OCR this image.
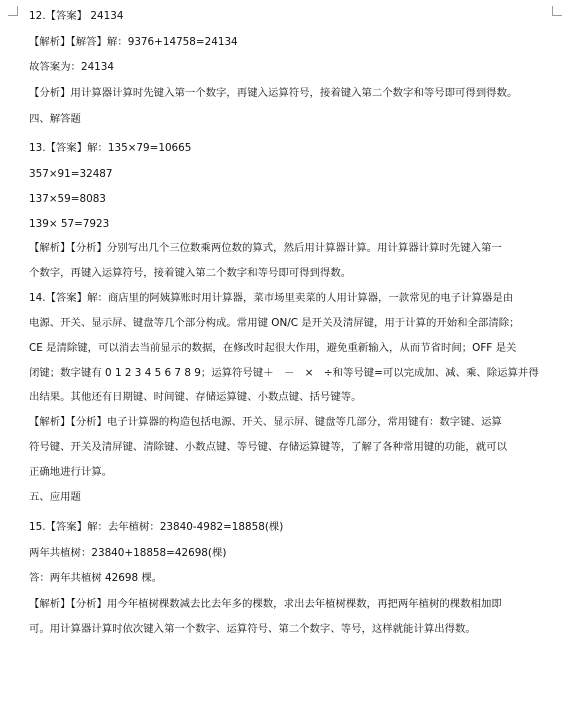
12.【答案】 24134
【解析】【解答】解：9376+14758=24134
故答案为：24134
【分析】用计算器计算时先键入第一个数字，再键入运算符号，接着键入第二个数字和等号即可得到得数。
四、解答题
13.【答案】解：135×79=10665
357×91=32487
137×59=8083
139× 57=7923
【解析】【分析】分别写出几个三位数乘两位数的算式，然后用计算器计算。用计算器计算时先键入第一
个数字，再键入运算符号，接着键入第二个数字和等号即可得到得数。
14.【答案】解：商店里的阿姨算账时用计算器，菜市场里卖菜的人用计算器，一款常见的电子计算器是由
电源、开关、显示屏、键盘等几个部分构成。常用键 ON/C 是开关及清屏键，用于计算的开始和全部清除；
CE 是清除键，可以消去当前显示的数据，在修改时起很大作用，避免重新输入，从而节省时间；OFF 是关
闭键；数字键有 0 1 2 3 4 5 6 7 8 9；运算符号键＋　－　×　÷和等号键=可以完成加、减、乘、除运算并得
出结果。其他还有日期键、时间键、存储运算键、小数点键、括号键等。
【解析】【分析】电子计算器的构造包括电源、开关、显示屏、键盘等几部分，常用键有：数字键、运算
符号键、开关及清屏键、清除键、小数点键、等号键、存储运算键等，了解了各种常用键的功能，就可以
正确地进行计算。
五、应用题
15.【答案】解：去年植树：23840-4982=18858(棵)
两年共植树：23840+18858=42698(棵)
答：两年共植树 42698 棵。
【解析】【分析】用今年植树棵数减去比去年多的棵数，求出去年植树棵数，再把两年植树的棵数相加即
可。用计算器计算时依次键入第一个数字、运算符号、第二个数字、等号，这样就能计算出得数。
